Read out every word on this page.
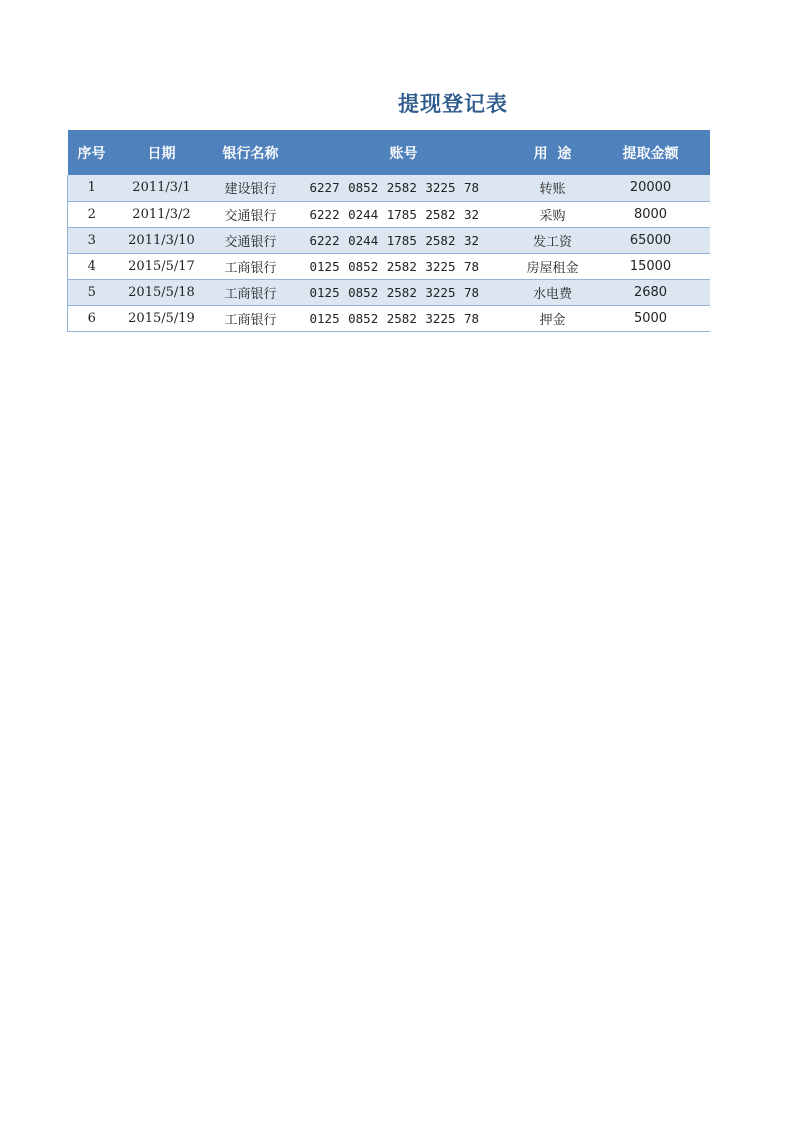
提现登记表
序号	日期	银行名称	账号	用  途	提取金额
1	2011/3/1	建设银行	6227 0852 2582 3225 78	转账	20000
2	2011/3/2	交通银行	6222 0244 1785 2582 32	采购	8000
3	2011/3/10	交通银行	6222 0244 1785 2582 32	发工资	65000
4	2015/5/17	工商银行	0125 0852 2582 3225 78	房屋租金	15000
5	2015/5/18	工商银行	0125 0852 2582 3225 78	水电费	2680
6	2015/5/19	工商银行	0125 0852 2582 3225 78	押金	5000
